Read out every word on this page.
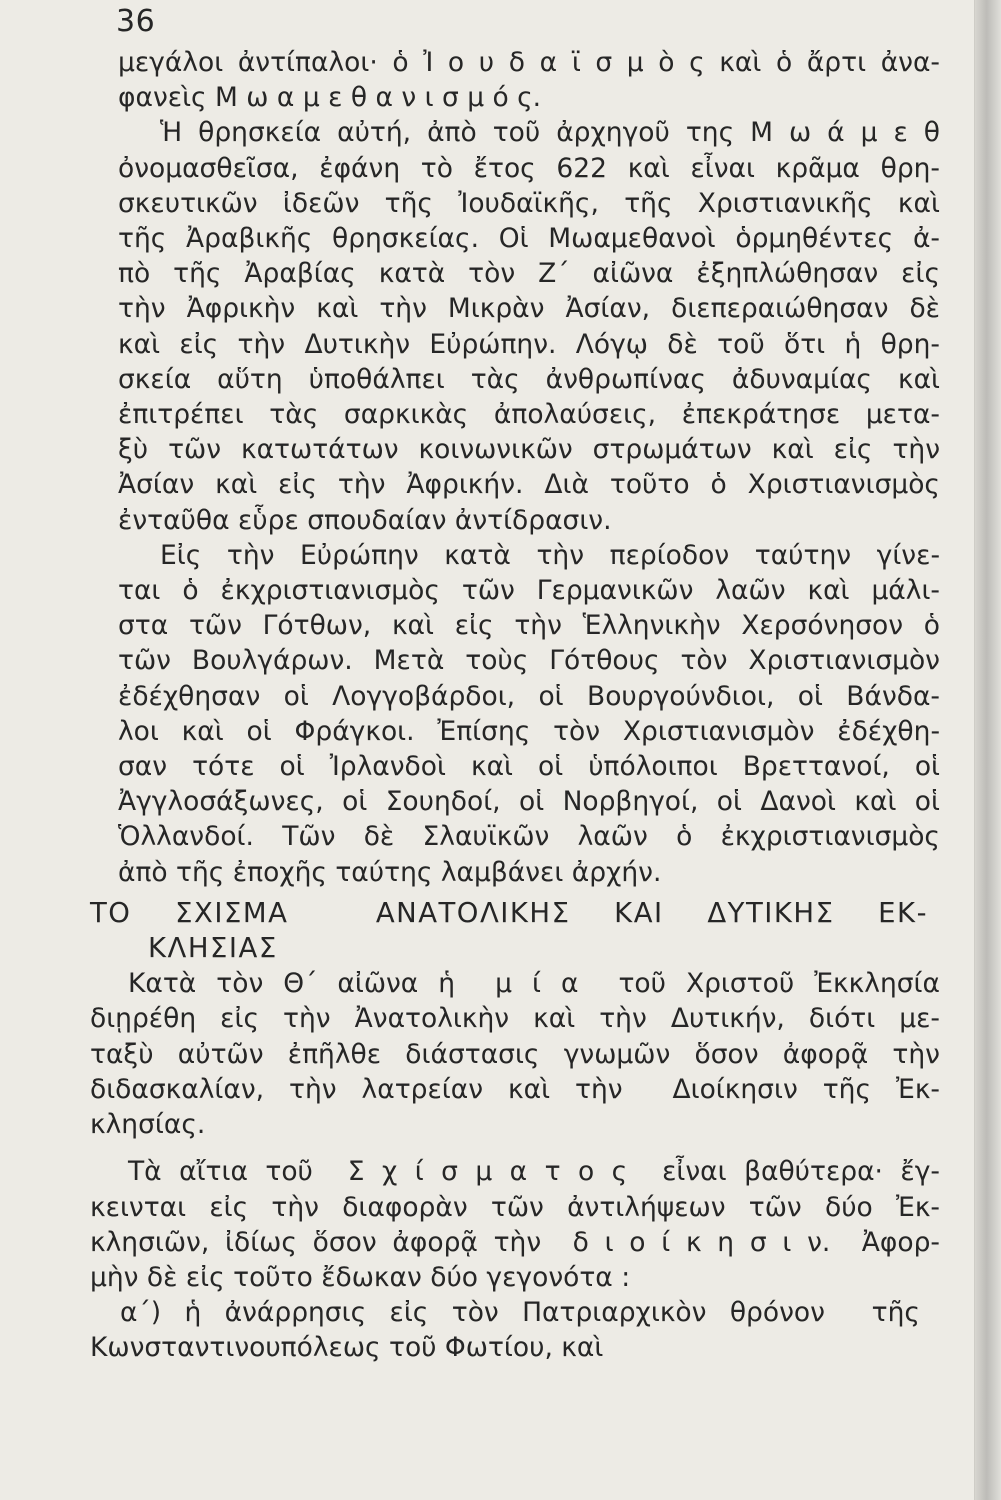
36

μεγάλοι ἀντίπαλοι· ὁ Ἰ ο υ δ α ϊ σ μ ὸ ς καὶ ὁ ἄρτι ἀνα-
φανεὶς Μ ω α μ ε θ α ν ι σ μ ό ς.

Ἡ θρησκεία αὐτή, ἀπὸ τοῦ ἀρχηγοῦ της Μ ω ά μ ε θ
ὀνομασθεῖσα, ἐφάνη τὸ ἔτος 622 καὶ εἶναι κρᾶμα θρη-
σκευτικῶν ἰδεῶν τῆς Ἰουδαϊκῆς, τῆς Χριστιανικῆς καὶ
τῆς Ἀραβικῆς θρησκείας. Οἱ Μωαμεθανοὶ ὁρμηθέντες ἀ-
πὸ τῆς Ἀραβίας κατὰ τὸν Ζ΄ αἰῶνα ἐξηπλώθησαν εἰς
τὴν Ἀφρικὴν καὶ τὴν Μικρὰν Ἀσίαν, διεπεραιώθησαν δὲ
καὶ εἰς τὴν Δυτικὴν Εὐρώπην. Λόγῳ δὲ τοῦ ὅτι ἡ θρη-
σκεία αὕτη ὑποθάλπει τὰς ἀνθρωπίνας ἀδυναμίας καὶ
ἐπιτρέπει τὰς σαρκικὰς ἀπολαύσεις, ἐπεκράτησε μετα-
ξὺ τῶν κατωτάτων κοινωνικῶν στρωμάτων καὶ εἰς τὴν
Ἀσίαν καὶ εἰς τὴν Ἀφρικήν. Διὰ τοῦτο ὁ Χριστιανισμὸς
ἐνταῦθα εὗρε σπουδαίαν ἀντίδρασιν.

Εἰς τὴν Εὐρώπην κατὰ τὴν περίοδον ταύτην γίνε-
ται ὁ ἐκχριστιανισμὸς τῶν Γερμανικῶν λαῶν καὶ μάλι-
στα τῶν Γότθων, καὶ εἰς τὴν Ἑλληνικὴν Χερσόνησον ὁ
τῶν Βουλγάρων. Μετὰ τοὺς Γότθους τὸν Χριστιανισμὸν
ἐδέχθησαν οἱ Λογγοβάρδοι, οἱ Βουργούνδιοι, οἱ Βάνδα-
λοι καὶ οἱ Φράγκοι. Ἐπίσης τὸν Χριστιανισμὸν ἐδέχθη-
σαν τότε οἱ Ἰρλανδοὶ καὶ οἱ ὑπόλοιποι Βρεττανοί, οἱ
Ἀγγλοσάξωνες, οἱ Σουηδοί, οἱ Νορβηγοί, οἱ Δανοὶ καὶ οἱ
Ὁλλανδοί. Τῶν δὲ Σλαυϊκῶν λαῶν ὁ ἐκχριστιανισμὸς
ἀπὸ τῆς ἐποχῆς ταύτης λαμβάνει ἀρχήν.

ΤΟ ΣΧΙΣΜΑ  ΑΝΑΤΟΛΙΚΗΣ ΚΑΙ ΔΥΤΙΚΗΣ ΕΚ-
ΚΛΗΣΙΑΣ

Κατὰ τὸν Θ΄ αἰῶνα ἡ  μ ί α  τοῦ Χριστοῦ Ἐκκλησία
διῃρέθη εἰς τὴν Ἀνατολικὴν καὶ τὴν Δυτικήν, διότι με-
ταξὺ αὐτῶν ἐπῆλθε διάστασις γνωμῶν ὅσον ἀφορᾷ τὴν
διδασκαλίαν, τὴν λατρείαν καὶ τὴν  Διοίκησιν τῆς Ἐκ-
κλησίας.

Τὰ αἴτια τοῦ  Σ χ ί σ μ α τ ο ς  εἶναι βαθύτερα· ἔγ-
κεινται εἰς τὴν διαφορὰν τῶν ἀντιλήψεων τῶν δύο Ἐκ-
κλησιῶν, ἰδίως ὅσον ἀφορᾷ τὴν  δ ι ο ί κ η σ ι ν.  Ἀφορ-
μὴν δὲ εἰς τοῦτο ἔδωκαν δύο γεγονότα :

α΄) ἡ ἀνάρρησις εἰς τὸν Πατριαρχικὸν θρόνον  τῆς
Κωνσταντινουπόλεως τοῦ Φωτίου, καὶ
